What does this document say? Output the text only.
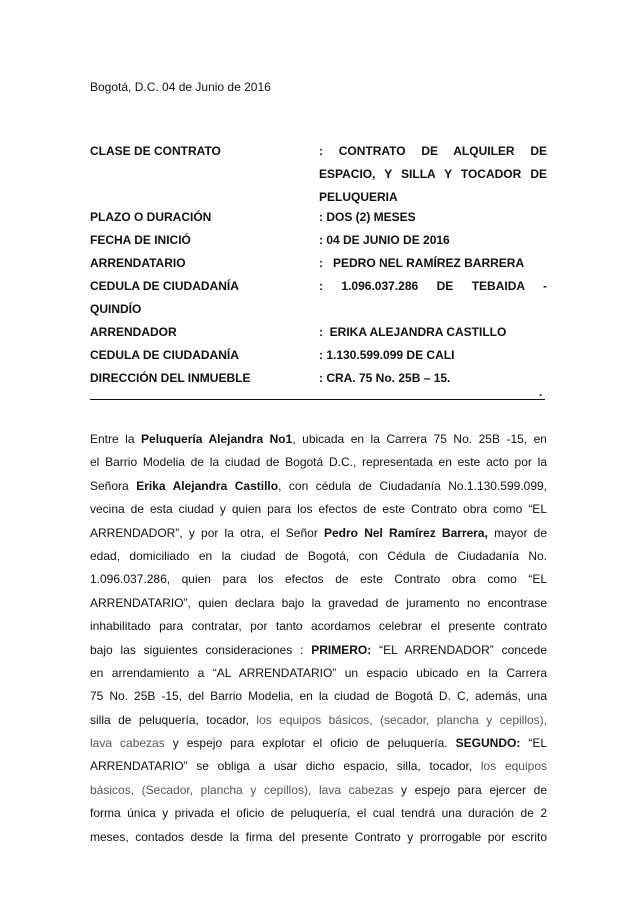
Bogotá, D.C. 04 de Junio de 2016
CLASE DE CONTRATO	: CONTRATO DE ALQUILER DE
ESPACIO, Y SILLA Y TOCADOR DE
PELUQUERIA
PLAZO O DURACIÓN	: DOS (2) MESES
FECHA DE INICIÓ	: 04 DE JUNIO DE 2016
ARRENDATARIO	:   PEDRO NEL RAMÍREZ BARRERA
CEDULA DE CIUDADANÍA	: 1.096.037.286 DE TEBAIDA -
QUINDÍO
ARRENDADOR	:  ERIKA ALEJANDRA CASTILLO
CEDULA DE CIUDADANÍA	: 1.130.599.099 DE CALI
DIRECCIÓN DEL INMUEBLE	: CRA. 75 No. 25B – 15.
.
Entre la Peluquería Alejandra No1, ubicada en la Carrera 75 No. 25B -15, en
el Barrio Modelia de la ciudad de Bogotá D.C., representada en este acto por la
Señora Erika Alejandra Castillo, con cédula de Ciudadanía No.1.130.599.099,
vecina de esta ciudad y quien para los efectos de este Contrato obra como “EL
ARRENDADOR”, y por la otra, el Señor Pedro Nel Ramírez Barrera, mayor de
edad, domiciliado en la ciudad de Bogotá, con Cédula de Ciudadanía No.
1.096.037.286, quien para los efectos de este Contrato obra como “EL
ARRENDATARIO”, quien declara bajo la gravedad de juramento no encontrase
inhabilitado para contratar, por tanto acordamos celebrar el presente contrato
bajo las siguientes consideraciones : PRIMERO: “EL ARRENDADOR” concede
en arrendamiento a “AL ARRENDATARIO” un espacio ubicado en la Carrera
75 No. 25B -15, del Barrio Modelia, en la ciudad de Bogotá D. C, además, una
silla de peluquería, tocador, los equipos básicos, (secador, plancha y cepillos),
lava cabezas y espejo para explotar el oficio de peluquería. SEGUNDO: “EL
ARRENDATARIO” se obliga a usar dicho espacio, silla, tocador, los equipos
básicos, (Secador, plancha y cepillos), lava cabezas y espejo para ejercer de
forma única y privada el oficio de peluquería, el cual tendrá una duración de 2
meses, contados desde la firma del presente Contrato y prorrogable por escrito
